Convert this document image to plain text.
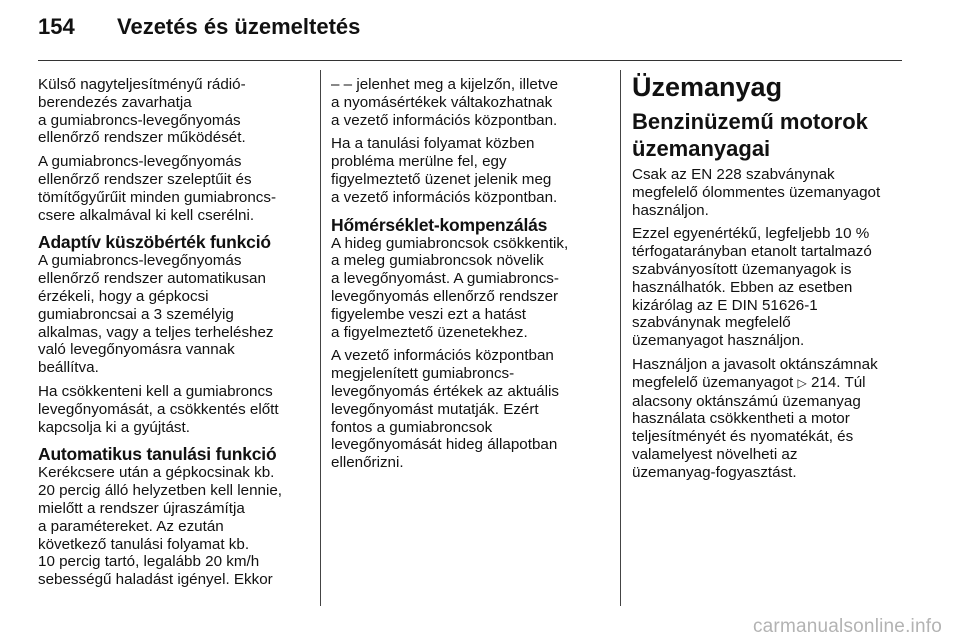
154	Vezetés és üzemeltetés

Külső nagyteljesítményű rádió-
berendezés zavarhatja
a gumiabroncs-levegőnyomás
ellenőrző rendszer működését.

A gumiabroncs-levegőnyomás
ellenőrző rendszer szeleptűit és
tömítőgyűrűit minden gumiabroncs-
csere alkalmával ki kell cserélni.

Adaptív küszöbérték funkció

A gumiabroncs-levegőnyomás
ellenőrző rendszer automatikusan
érzékeli, hogy a gépkocsi
gumiabroncsai a 3 személyig
alkalmas, vagy a teljes terheléshez
való levegőnyomásra vannak
beállítva.

Ha csökkenteni kell a gumiabroncs
levegőnyomását, a csökkentés előtt
kapcsolja ki a gyújtást.

Automatikus tanulási funkció

Kerékcsere után a gépkocsinak kb.
20 percig álló helyzetben kell lennie,
mielőtt a rendszer újraszámítja
a paramétereket. Az ezután
következő tanulási folyamat kb.
10 percig tartó, legalább 20 km/h
sebességű haladást igényel. Ekkor

– – jelenhet meg a kijelzőn, illetve
a nyomásértékek váltakozhatnak
a vezető információs központban.

Ha a tanulási folyamat közben
probléma merülne fel, egy
figyelmeztető üzenet jelenik meg
a vezető információs központban.

Hőmérséklet-kompenzálás

A hideg gumiabroncsok csökkentik,
a meleg gumiabroncsok növelik
a levegőnyomást. A gumiabroncs-
levegőnyomás ellenőrző rendszer
figyelembe veszi ezt a hatást
a figyelmeztető üzenetekhez.

A vezető információs központban
megjelenített gumiabroncs-
levegőnyomás értékek az aktuális
levegőnyomást mutatják. Ezért
fontos a gumiabroncsok
levegőnyomását hideg állapotban
ellenőrizni.

Üzemanyag
Benzinüzemű motorok
üzemanyagai

Csak az EN 228 szabványnak
megfelelő ólommentes üzemanyagot
használjon.

Ezzel egyenértékű, legfeljebb 10 %
térfogatarányban etanolt tartalmazó
szabványosított üzemanyagok is
használhatók. Ebben az esetben
kizárólag az E DIN 51626-1
szabványnak megfelelő
üzemanyagot használjon.

Használjon a javasolt oktánszámnak
megfelelő üzemanyagot ▷ 214. Túl
alacsony oktánszámú üzemanyag
használata csökkentheti a motor
teljesítményét és nyomatékát, és
valamelyest növelheti az
üzemanyag-fogyasztást.

carmanualsonline.info
